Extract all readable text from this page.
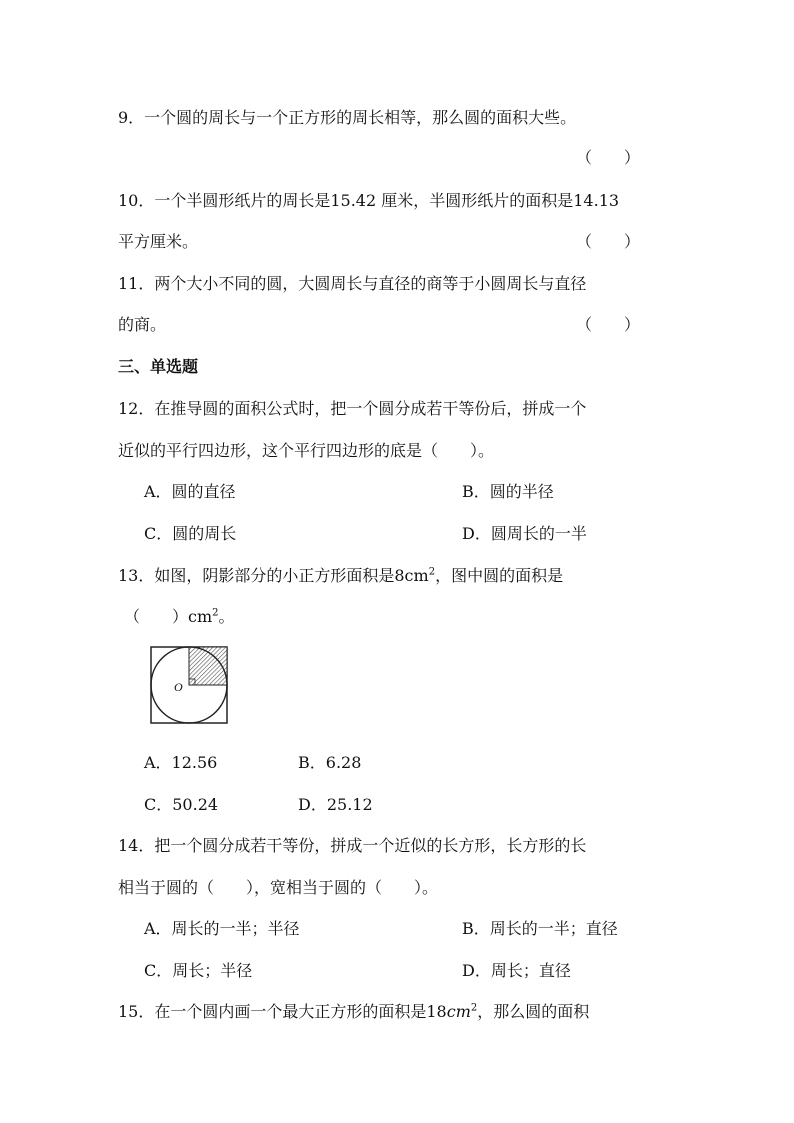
9．一个圆的周长与一个正方形的周长相等，那么圆的面积大些。
（　　）
10．一个半圆形纸片的周长是15.42 厘米，半圆形纸片的面积是14.13
平方厘米。	（　　）
11．两个大小不同的圆，大圆周长与直径的商等于小圆周长与直径
的商。	（　　）
三、单选题
12．在推导圆的面积公式时，把一个圆分成若干等份后，拼成一个
近似的平行四边形，这个平行四边形的底是（　　）。
A．圆的直径	B．圆的半径
C．圆的周长	D．圆周长的一半
13．如图，阴影部分的小正方形面积是$8cm^2$，图中圆的面积是
（　　）$cm^2$。
O
A．12.56	B．6.28
C．50.24	D．25.12
14．把一个圆分成若干等份，拼成一个近似的长方形，长方形的长
相当于圆的（　　），宽相当于圆的（　　）。
A．周长的一半；半径	B．周长的一半；直径
C．周长；半径	D．周长；直径
15．在一个圆内画一个最大正方形的面积是$18cm^2$，那么圆的面积
